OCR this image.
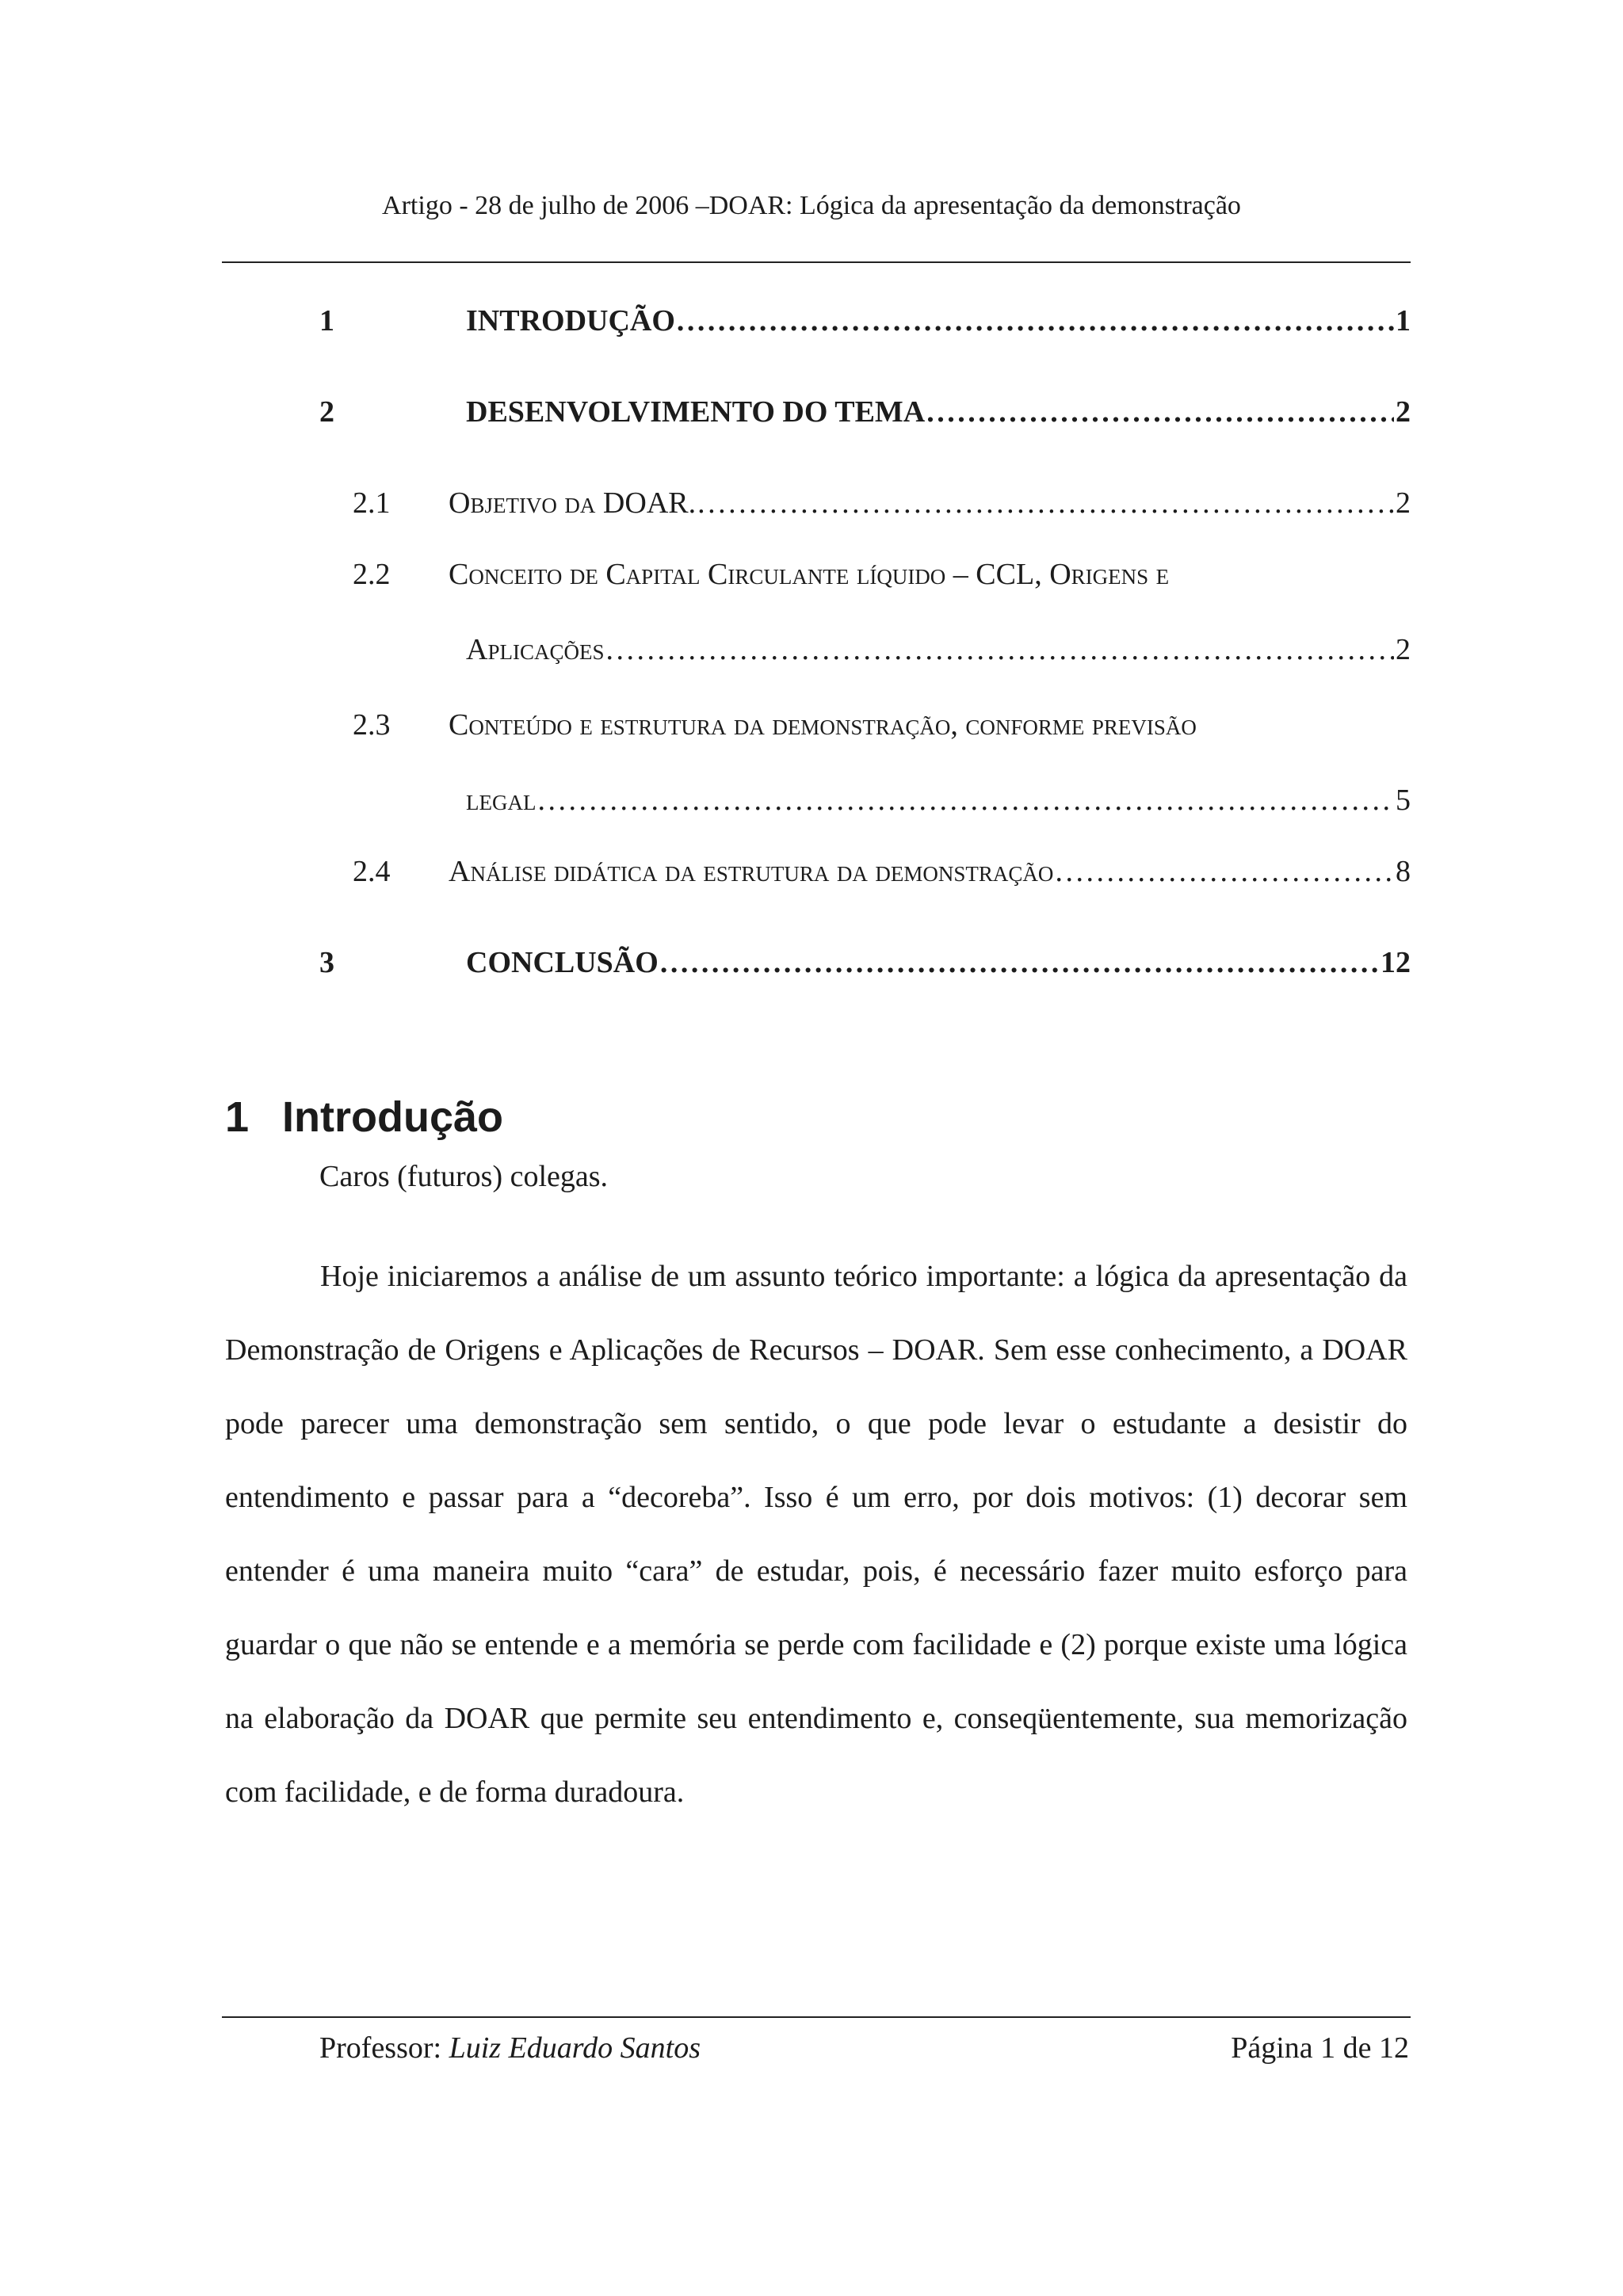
Artigo - 28 de julho de 2006 –DOAR: Lógica da apresentação da demonstração
1	INTRODUÇÃO . . .	1
2	DESENVOLVIMENTO DO TEMA . . .	2
2.1 Objetivo da DOAR. . . .	2
2.2 Conceito de Capital Circulante líquido – CCL, Origens e
Aplicações . . .	2
2.3 Conteúdo e estrutura da demonstração, conforme previsão
legal . . .	5
2.4 Análise didática da estrutura da demonstração . . .	8
3	CONCLUSÃO . . .	12
1 Introdução
Caros (futuros) colegas.

Hoje iniciaremos a análise de um assunto teórico importante: a lógica da apresentação da Demonstração de Origens e Aplicações de Recursos – DOAR. Sem esse conhecimento, a DOAR pode parecer uma demonstração sem sentido, o que pode levar o estudante a desistir do entendimento e passar para a “decoreba”. Isso é um erro, por dois motivos: (1) decorar sem entender é uma maneira muito “cara” de estudar, pois, é necessário fazer muito esforço para guardar o que não se entende e a memória se perde com facilidade e (2) porque existe uma lógica na elaboração da DOAR que permite seu entendimento e, conseqüentemente, sua memorização com facilidade, e de forma duradoura.

Professor: Luiz Eduardo Santos	Página 1 de 12
